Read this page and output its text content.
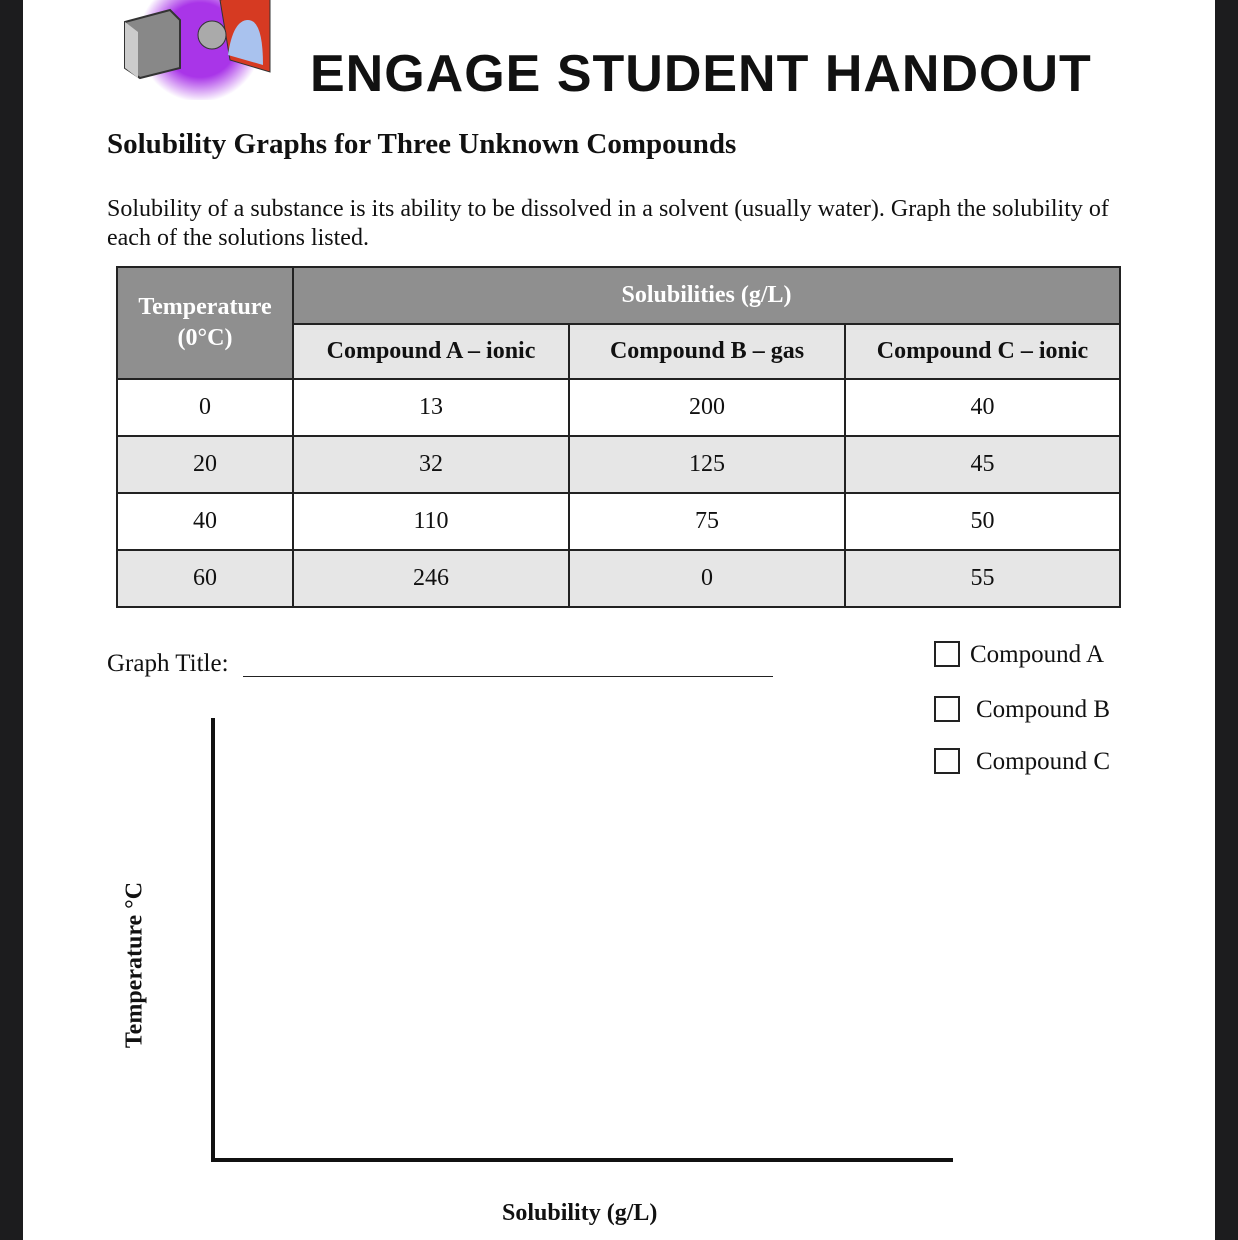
ENGAGE STUDENT HANDOUT
Solubility Graphs for Three Unknown Compounds
Solubility of a substance is its ability to be dissolved in a solvent (usually water). Graph the solubility of each of the solutions listed.
Temperature (0°C)	Solubilities (g/L)		
	Compound A – ionic	Compound B – gas	Compound C – ionic
0	13	200	40
20	32	125	45
40	110	75	50
60	246	0	55
Graph Title:	Compound A
Compound B
Compound C
Temperature °C
Solubility (g/L)
